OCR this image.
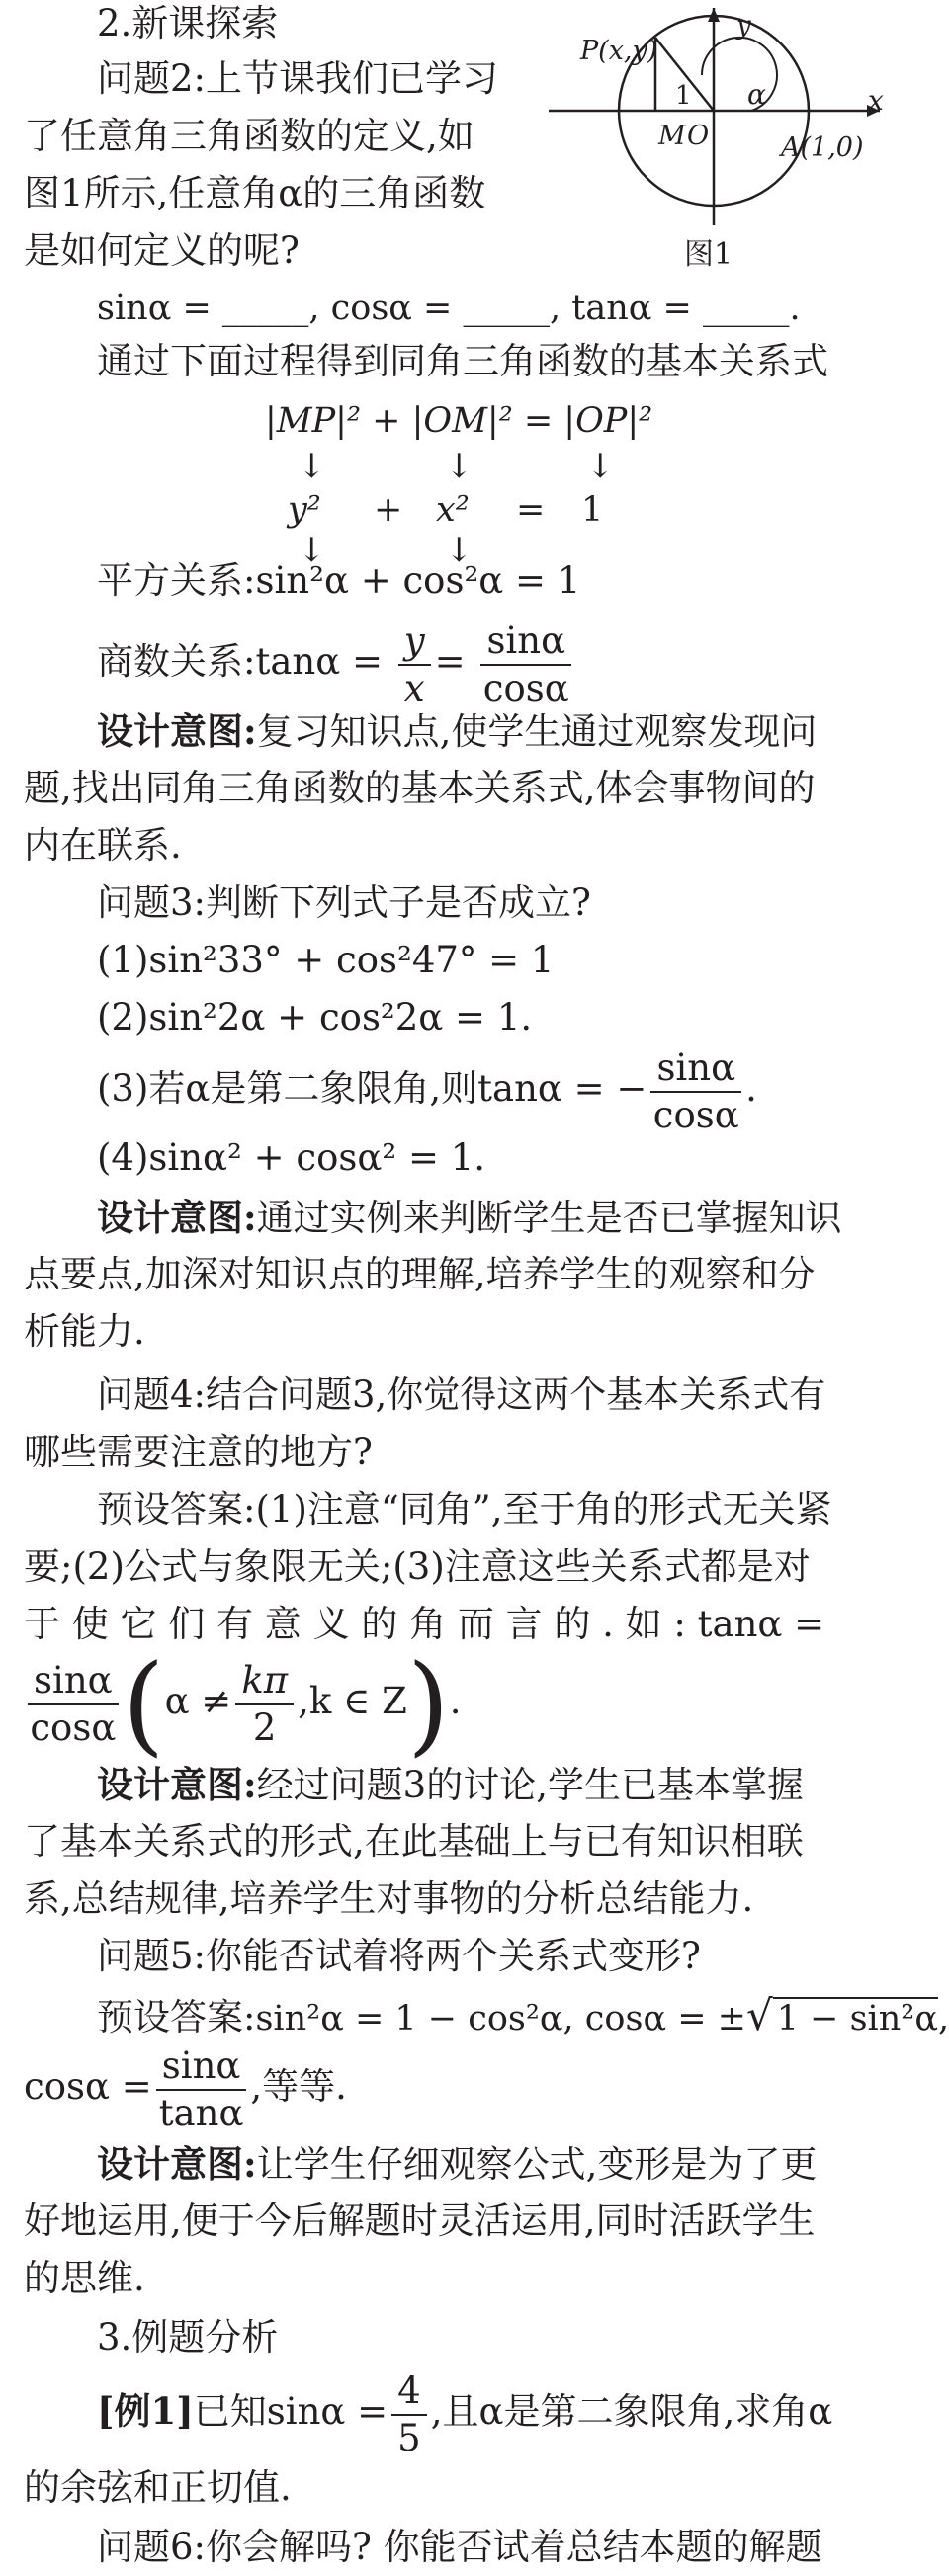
2.新课探索
问题2:上节课我们已学习
了任意角三角函数的定义,如
图1所示,任意角α的三角函数
是如何定义的呢?
P(x,y)
y
x
1 α
M O	A(1,0)
图1
sinα = _____, cosα = _____, tanα = _____.
通过下面过程得到同角三角函数的基本关系式
|MP|² + |OM|² = |OP|²
↓	↓	↓
y² + x² = 1
↓	↓
平方关系:sin²α + cos²α = 1
商数关系:tanα = $\frac{y}{x} = \frac{\sin\alpha}{\cos\alpha}$
设计意图:复习知识点,使学生通过观察发现问
题,找出同角三角函数的基本关系式,体会事物间的
内在联系.
问题3:判断下列式子是否成立?
(1)sin²33° + cos²47° = 1
(2)sin²2α + cos²2α = 1.
(3)若α是第二象限角,则tanα = − $\frac{\sin\alpha}{\cos\alpha}$ .
(4)sinα² + cosα² = 1.
设计意图:通过实例来判断学生是否已掌握知识
点要点,加深对知识点的理解,培养学生的观察和分
析能力.
问题4:结合问题3,你觉得这两个基本关系式有
哪些需要注意的地方?
预设答案:(1)注意“同角”,至于角的形式无关紧
要;(2)公式与象限无关;(3)注意这些关系式都是对
于 使 它 们 有 意 义 的 角 而 言 的 . 如 : tanα =
$\frac{\sin\alpha}{\cos\alpha} (\alpha \ne \frac{k\pi}{2} ,k$ ∈ Z).
设计意图:经过问题3的讨论,学生已基本掌握
了基本关系式的形式,在此基础上与已有知识相联
系,总结规律,培养学生对事物的分析总结能力.
问题5:你能否试着将两个关系式变形?
预设答案:sin²α = 1 − cos²α, cosα = ±√ 1 − sin²α,
$\cos\alpha = \frac{\sin\alpha}{\tan\alpha}$ ,等等.
设计意图:让学生仔细观察公式,变形是为了更
好地运用,便于今后解题时灵活运用,同时活跃学生
的思维.
3.例题分析
[例1]已知$\sin\alpha = \frac{4}{5}$ ,且α是第二象限角,求角α
的余弦和正切值.
问题6:你会解吗? 你能否试着总结本题的解题
